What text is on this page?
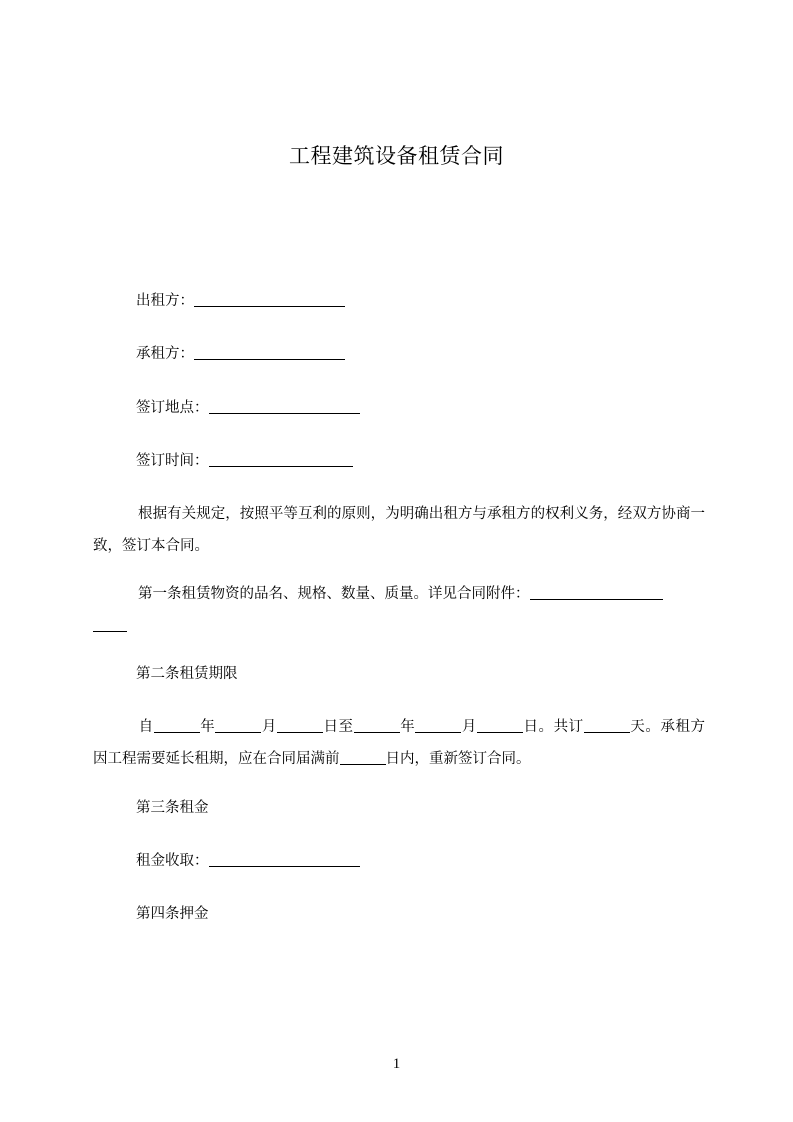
工程建筑设备租赁合同
出租方：
承租方：
签订地点：
签订时间：
根据有关规定，按照平等互利的原则，为明确出租方与承租方的权利义务，经双方协商一致，签订本合同。
第一条租赁物资的品名、规格、数量、质量。详见合同附件：

第二条租赁期限
自	年	月	日至	年	月	日。共订	天。承租方因工程需要延长租期，应在合同届满前	日内，重新签订合同。
第三条租金
租金收取：
第四条押金
1
